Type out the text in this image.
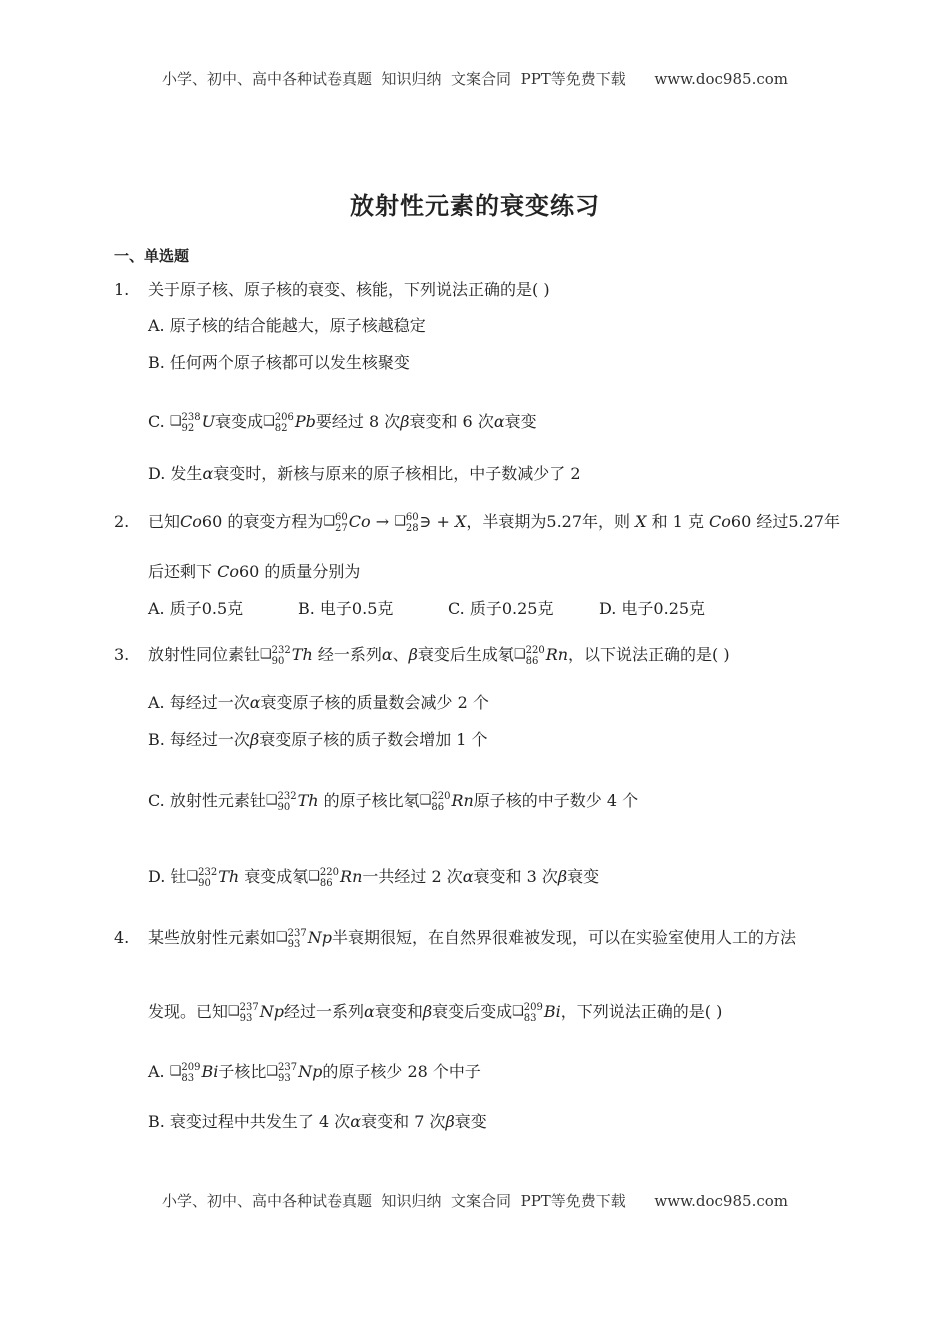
小学、初中、高中各种试卷真题  知识归纳  文案合同  PPT等免费下载      www.doc985.com
放射性元素的衰变练习
一、单选题
1. 关于原子核、原子核的衰变、核能，下列说法正确的是( )
A. 原子核的结合能越大，原子核越稳定
B. 任何两个原子核都可以发生核聚变
C. ❑ 238
92 U衰变成❑ 206
82 Pb要经过 8 次β衰变和 6 次α衰变
D. 发生α衰变时，新核与原来的原子核相比，中子数减少了 2
2. 已知Co60 的衰变方程为❑ 60
27 Co → ❑ 60
28 ∋ + X，半衰期为5.27年，则 X 和 1 克 Co60 经过5.27年
后还剩下 Co60 的质量分别为
A. 质子0.5克	B. 电子0.5克	C. 质子0.25克	D. 电子0.25克
3. 放射性同位素钍❑ 232
90 Th 经一系列α、β衰变后生成氡❑ 220
86 Rn，以下说法正确的是( )
A. 每经过一次α衰变原子核的质量数会减少 2 个
B. 每经过一次β衰变原子核的质子数会增加 1 个
C. 放射性元素钍❑ 232
90 Th 的原子核比氡❑ 220
86 Rn原子核的中子数少 4 个
D. 钍❑ 232
90 Th 衰变成氡❑ 220
86 Rn一共经过 2 次α衰变和 3 次β衰变
4. 某些放射性元素如❑ 237
93 Np半衰期很短，在自然界很难被发现，可以在实验室使用人工的方法
发现。已知❑ 237
93 Np经过一系列α衰变和β衰变后变成❑ 209
83 Bi，下列说法正确的是( )
A. ❑ 209
83 Bi子核比❑ 237
93 Np的原子核少 28 个中子
B. 衰变过程中共发生了 4 次α衰变和 7 次β衰变
小学、初中、高中各种试卷真题  知识归纳  文案合同  PPT等免费下载      www.doc985.com
